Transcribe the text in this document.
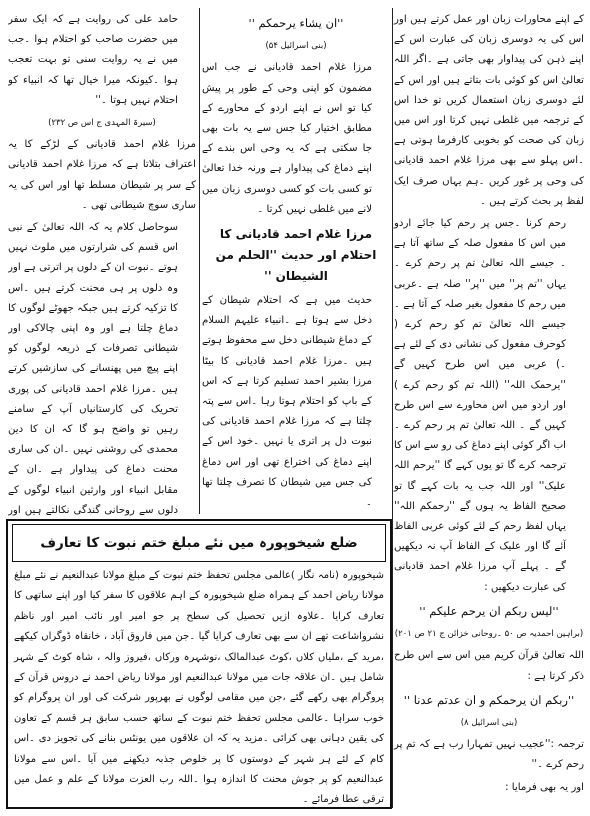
کے اپنے محاورات زبان اور عمل کرتے ہیں اور اس کی یہ دوسری زبان کی عبارت اس کے اپنے ذہن کی پیداوار بھی جاتی ہے ۔اگر اللہ تعالیٰ اس کو کوئی بات بتاتے ہیں اور اس کے لئے دوسری زبان استعمال کریں تو خدا اس کے ترجمہ میں غلطی نہیں کرتا اور اس میں زبان کی صحت کو بخوبی کارفرما ہوتی ہے ۔اس پہلو سے بھی مرزا غلام احمد قادیانی کی وحی پر غور کریں ۔ہم یہاں صرف ایک لفظ پر بحث کرتے ہیں ۔

رحم کرنا ۔جس پر رحم کیا جائے اردو میں اس کا مفعول صلہ کے ساتھ آتا ہے ۔ جیسے اللہ تعالیٰ تم پر رحم کرے ۔ یہاں ''تم پر'' میں ''پر'' صلہ ہے ۔عربی میں رحم کا مفعول بغیر صلہ کے آتا ہے ۔جیسے اللہ تعالیٰ تم کو رحم کرے ( کوحرف مفعول کی نشانی دی کے لئے ہے ۔) عربی میں اس طرح کہیں گے ''یرحمک اللہ'' (اللہ تم کو رحم کرے ) اور اردو میں اس محاورے سے اس طرح کہیں گے ۔ اللہ تعالیٰ تم پر رحم کرے ۔اب اگر کوئی اپنے دماغ کی رو سے اس کا ترجمہ کرے گا تو یوں کہے گا ''یرحم اللہ علیک'' اور اللہ جب یہ بات کہے گا تو صحیح الفاظ یہ ہوں گے ''رحمکم اللہ'' یہاں لفظ رحم کے لئے کوئی عربی الفاظ آئے گا اور علیک کے الفاظ آپ نہ دیکھیں گے ۔ پہلے آپ مرزا غلام احمد قادیانی کی عبارت دیکھیں :

''لیس ربکم ان یرحم علیکم ''

(براہین احمدیہ ص ۵۰ ۔روحانی خزائن ج ۲۱ ص ۲۰۱)

اللہ تعالیٰ قرآن کریم میں اس سے اس طرح ذکر کرتا ہے :

''ربکم ان یرحمکم و ان عدتم عدنا ''

(بنی اسرائیل ۸)

ترجمہ :''عجیب نہیں تمہارا رب ہے کہ تم پر رحم کرے ۔''

اور یہ بھی فرمایا :

''ان یشاء یرحمکم ''

(بنی اسرائیل ۵۴)

مرزا غلام احمد قادیانی نے جب اس مضمون کو اپنی وحی کے طور پر پیش کیا تو اس نے اپنے اردو کے محاورے کے مطابق اختیار کیا جس سے یہ بات بھی جا سکتی ہے کہ یہ وحی اس بندے کے اپنے دماغ کی پیداوار ہے ورنہ خدا تعالیٰ تو کسی بات کو کسی دوسری زبان میں لانے میں غلطی نہیں کرتا ۔

مرزا غلام احمد قادیانی کا احتلام اور حدیث ''الحلم من الشیطان ''

حدیث میں ہے کہ احتلام شیطان کے دخل سے ہوتا ہے ۔انبیاء علیہم السلام کے دماغ شیطانی دخل سے محفوظ ہوتے ہیں ۔مرزا غلام احمد قادیانی کا بیٹا مرزا بشیر احمد تسلیم کرتا ہے کہ اس کے باپ کو احتلام ہوتا رہا ۔اس سے پتہ چلتا ہے کہ مرزا غلام احمد قادیانی کی نبوت دل پر اتری یا نہیں ۔خود اس کے اپنے دماغ کی اختراع تھی اور اس دماغ کی جس میں شیطان کا تصرف چلتا تھا ۔

حامد علی کی روایت ہے کہ ایک سفر میں حضرت صاحب کو احتلام ہوا ۔جب میں نے یہ روایت سنی تو بہت تعجب ہوا ۔کیونکہ میرا خیال تھا کہ انبیاء کو احتلام نہیں ہوتا ۔''

(سیرۃ المہدی ج اس ص ۲۳۲)

مرزا غلام احمد قادیانی کے لڑکے کا یہ اعتراف بتلاتا ہے کہ مرزا غلام احمد قادیانی کے سر پر شیطان مسلط تھا اور اس کی یہ ساری سوچ شیطانی تھی ۔

سوحاصل کلام یہ کہ اللہ تعالیٰ کے نبی اس قسم کی شرارتوں میں ملوث نہیں ہوتے ۔نبوت ان کے دلوں پر اترتی ہے اور وہ دلوں پر ہی محنت کرتے ہیں ۔اس کا تزکیہ کرتے ہیں جبکہ جھوٹے لوگوں کا دماغ چلتا ہے اور وہ اپنی چالاکی اور شیطانی تصرفات کے ذریعہ لوگوں کو اپنے پیچ میں پھنسانے کی سازشیں کرتے ہیں ۔مرزا غلام احمد قادیانی کی پوری تحریک کی کارستانیاں آپ کے سامنے رہیں تو واضح ہو گا کہ ان کا دین محمدی کی روشنی نہیں ۔ان کی ساری محنت دماغ کی پیداوار ہے ۔ان کے مقابل انبیاء اور وارثین انبیاء لوگوں کے دلوں سے روحانی گندگی نکالتے ہیں اور

ضلع شیخوپورہ میں نئے مبلغ ختم نبوت کا تعارف
شیخوپورہ (نامہ نگار )عالمی مجلس تحفظ ختم نبوت کے مبلغ مولانا عبدالنعیم نے نئے مبلغ مولانا ریاض احمد کے ہمراہ ضلع شیخوپورہ کے اہم علاقوں کا سفر کیا اور اپنے ساتھی کا تعارف کرایا ۔علاوہ ازیں تحصیل کی سطح پر جو امیر اور نائب امیر اور ناظم نشرواشاعت تھے ان سے بھی تعارف کرایا گیا ۔جن میں فاروق آباد ، خانقاہ ڈوگراں کیکھے ،مرید کے ،ملیاں کلاں ،کوٹ عبدالمالک ،نوشہرہ ورکاں ،فیروز والہ ، شاہ کوٹ کے شہر شامل ہیں ۔ان علاقہ جات میں مولانا عبدالنعیم اور مولانا ریاض احمد نے دروس قرآن کے پروگرام بھی رکھے گئے ،جن میں مقامی لوگوں نے بھرپور شرکت کی اور ان پروگرام کو خوب سراہا ۔عالمی مجلس تحفظ ختم نبوت کے ساتھ حسب سابق ہر قسم کے تعاون کی یقین دہانی بھی کرائی ۔مزید یہ کہ ان علاقوں میں یونٹس بنانے کی تجویز دی ۔اس کام کے لئے ہر شہر کے دوستوں کا پر خلوص جذبہ دیکھنے میں آیا ۔اس سے مولانا عبدالنعیم کو پر جوش محنت کا اندازہ ہوا ۔اللہ رب العزت مولانا کے علم و عمل میں ترقی عطا فرمائے ۔
